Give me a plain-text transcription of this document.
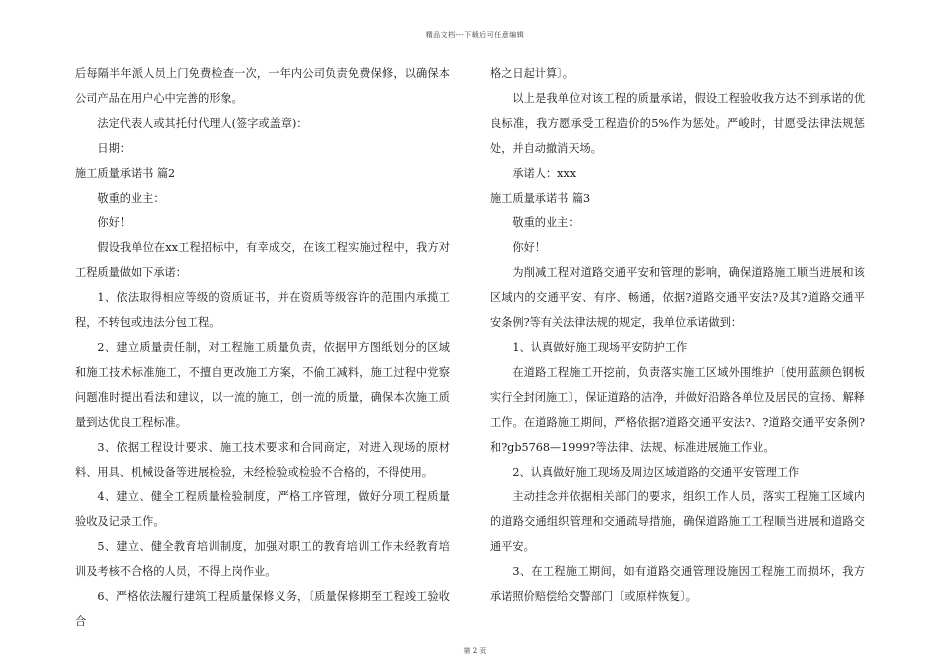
精品文档---下载后可任意编辑

后每隔半年派人员上门免费检查一次，一年内公司负责免费保修，以确保本公司产品在用户心中完善的形象。

法定代表人或其托付代理人(签字或盖章)：

日期：

施工质量承诺书 篇2

敬重的业主：

你好！

假设我单位在xx工程招标中，有幸成交，在该工程实施过程中，我方对工程质量做如下承诺：

1、依法取得相应等级的资质证书，并在资质等级容许的范围内承揽工程，不转包或违法分包工程。

2、建立质量责任制，对工程施工质量负责，依据甲方图纸划分的区域和施工技术标准施工，不擅自更改施工方案，不偷工减料，施工过程中党察问题准时提出看法和建议，以一流的施工，创一流的质量，确保本次施工质量到达优良工程标准。

3、依据工程设计要求、施工技术要求和合同商定，对进入现场的原材料、用具、机械设备等进展检验，未经检验或检验不合格的，不得使用。

4、建立、健全工程质量检验制度，严格工序管理，做好分项工程质量验收及记录工作。

5、建立、健全教育培训制度，加强对职工的教育培训工作未经教育培训及考核不合格的人员，不得上岗作业。

6、严格依法履行建筑工程质量保修义务，〔质量保修期至工程竣工验收合

格之日起计算〕。

以上是我单位对该工程的质量承诺，假设工程验收我方达不到承诺的优良标准，我方愿承受工程造价的5%作为惩处。严峻时，甘愿受法律法规惩处，并自动撤消天场。

承诺人：xxx

施工质量承诺书 篇3

敬重的业主：

你好！

为削减工程对道路交通平安和管理的影响，确保道路施工顺当进展和该区域内的交通平安、有序、畅通，依据?道路交通平安法?及其?道路交通平安条例?等有关法律法规的规定，我单位承诺做到：

1、认真做好施工现场平安防护工作

在道路工程施工开挖前，负责落实施工区域外围维护〔使用蓝颜色钢板实行全封闭施工〕，保证道路的洁净，并做好沿路各单位及居民的宣扬、解释工作。在道路施工期间，严格依据?道路交通平安法?、?道路交通平安条例?和?gb5768—1999?等法律、法规、标准进展施工作业。

2、认真做好施工现场及周边区域道路的交通平安管理工作

主动挂念并依据相关部门的要求，组织工作人员，落实工程施工区域内的道路交通组织管理和交通疏导措施，确保道路施工工程顺当进展和道路交通平安。

3、在工程施工期间，如有道路交通管理设施因工程施工而损坏，我方承诺照价赔偿给交警部门〔或原样恢复〕。

第 2 页
